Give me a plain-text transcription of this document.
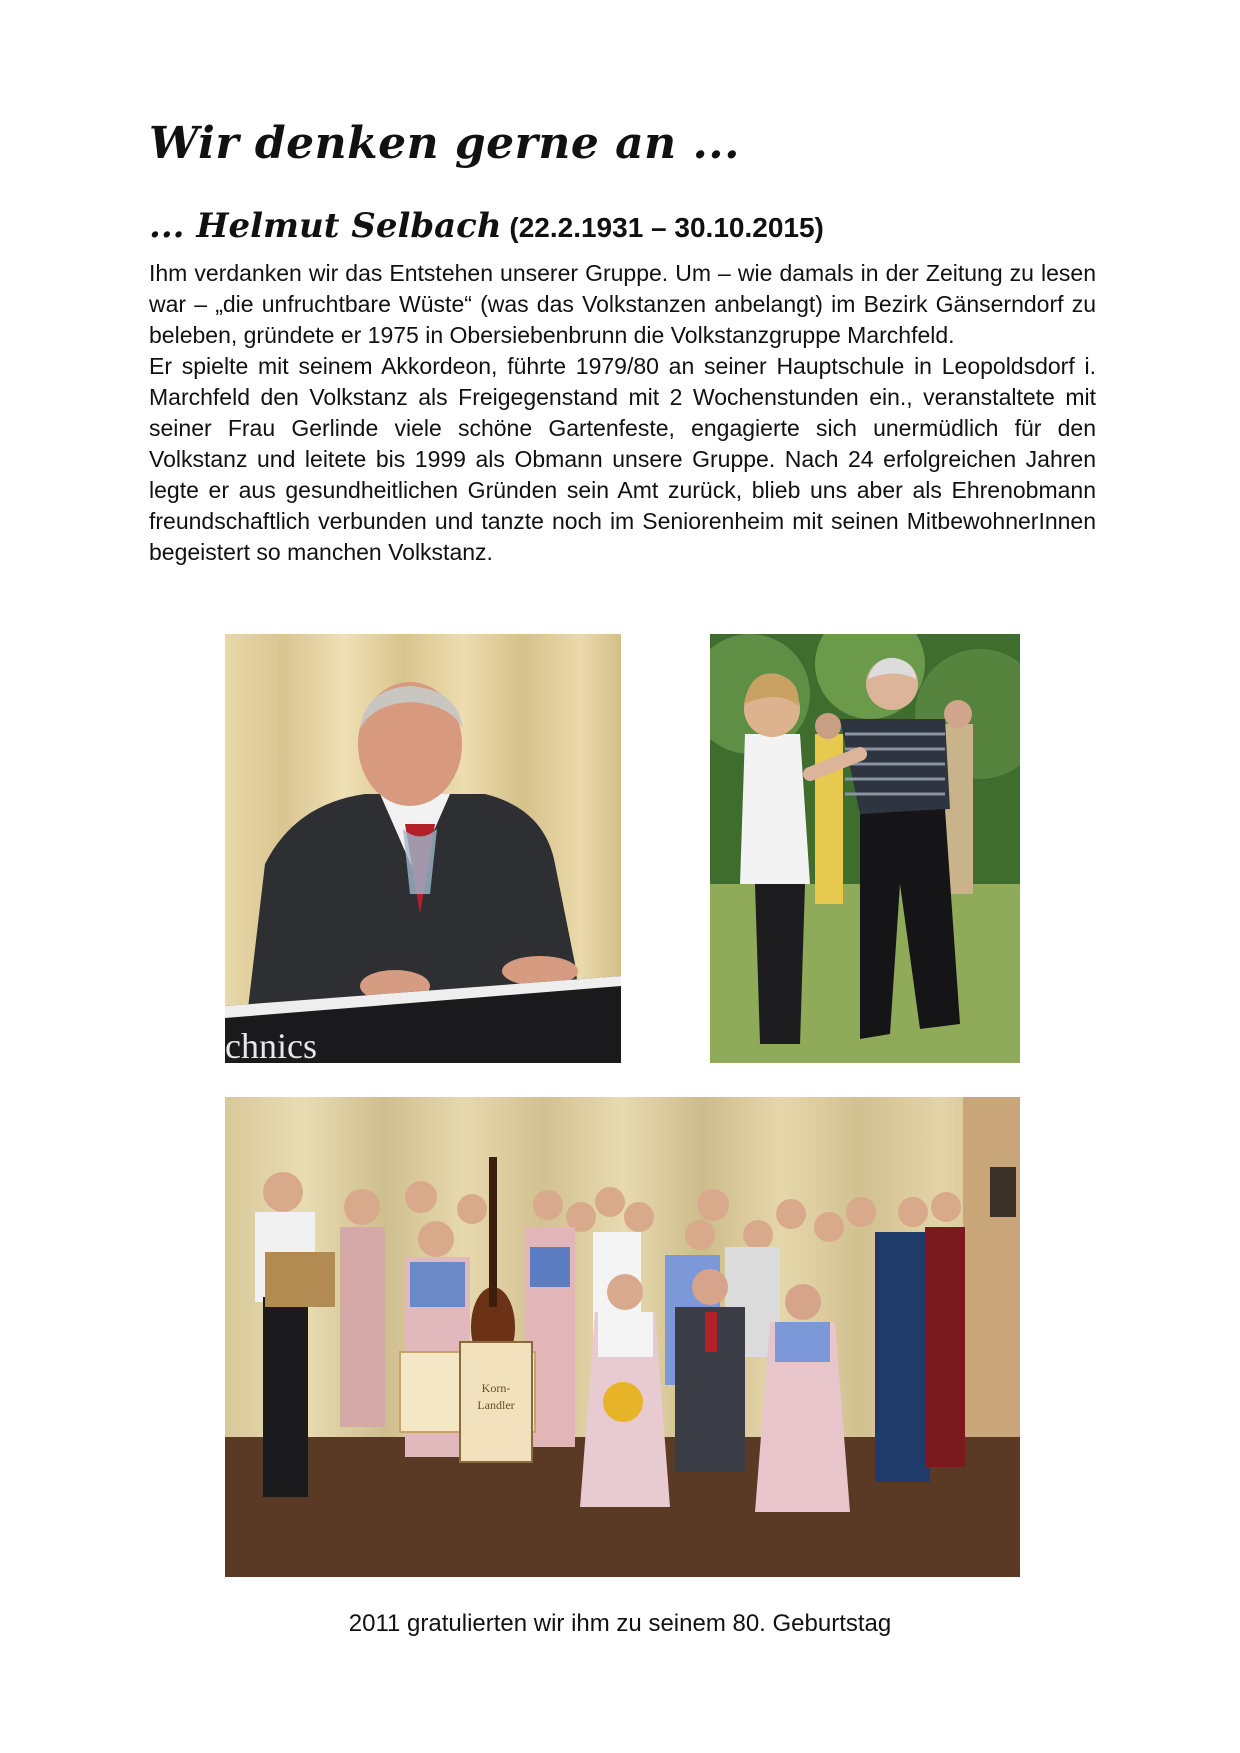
Wir denken gerne an ...
... Helmut Selbach (22.2.1931 – 30.10.2015)

Ihm verdanken wir das Entstehen unserer Gruppe. Um – wie damals in der Zeitung zu lesen war – „die unfruchtbare Wüste“ (was das Volkstanzen anbelangt) im Bezirk Gänserndorf zu beleben, gründete er 1975 in Obersiebenbrunn die Volkstanzgruppe Marchfeld.

Er spielte mit seinem Akkordeon, führte 1979/80 an seiner Hauptschule in Leopoldsdorf i. Marchfeld den Volkstanz als Freigegenstand mit 2 Wochenstunden ein., veranstaltete mit seiner Frau Gerlinde viele schöne Gartenfeste, engagierte sich unermüdlich für den Volkstanz und leitete bis 1999 als Obmann unsere Gruppe. Nach 24 erfolgreichen Jahren legte er aus gesundheitlichen Gründen sein Amt zurück, blieb uns aber als Ehrenobmann freundschaftlich verbunden und tanzte noch im Seniorenheim mit seinen MitbewohnerInnen begeistert so manchen Volkstanz.

chnics
Korn-
Landler

2011 gratulierten wir ihm zu seinem 80. Geburtstag
